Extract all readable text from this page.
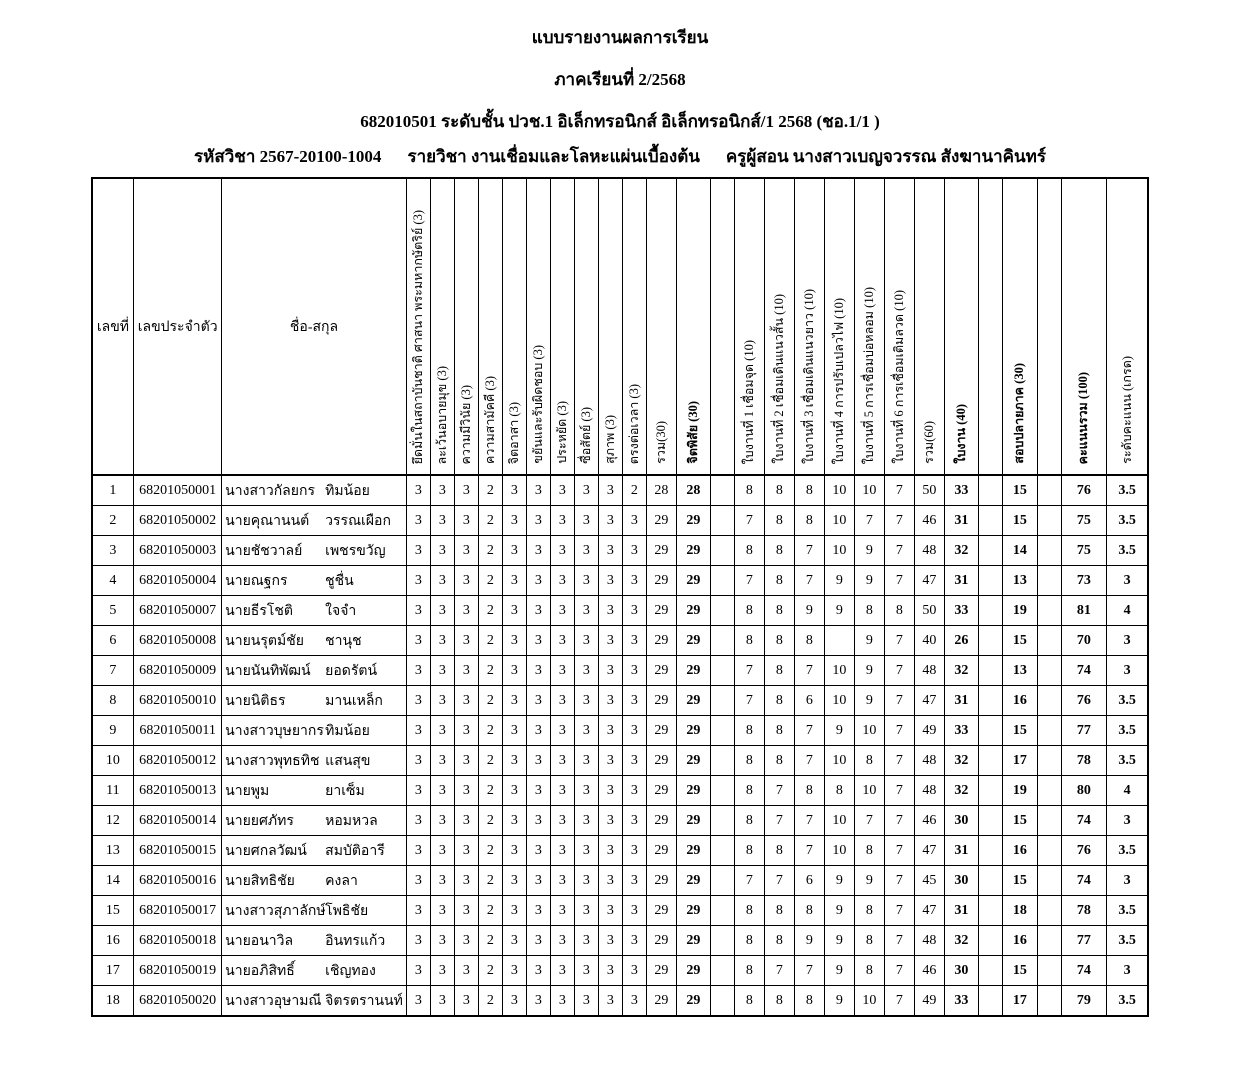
แบบรายงานผลการเรียน
ภาคเรียนที่ 2/2568
682010501 ระดับชั้น ปวช.1 อิเล็กทรอนิกส์ อิเล็กทรอนิกส์/1 2568 (ชอ.1/1 )
รหัสวิชา 2567-20100-1004 รายวิชา งานเชื่อมและโลหะแผ่นเบื้องต้น ครูผู้สอน นางสาวเบญจวรรณ สังฆานาคินทร์
เลขที่	เลขประจำตัว	ชื่อ-สกุล	ยึดมั่นในสถาบันชาติ ศาสนา พระมหากษัตริย์ (3)	ละเว้นอบายมุข (3)	ความมีวินัย (3)	ความสามัคคี (3)	จิตอาสา (3)	ขยันและรับผิดชอบ (3)	ประหยัด (3)	ซื่อสัตย์ (3)	สุภาพ (3)	ตรงต่อเวลา (3)	รวม(30)	จิตพิสัย (30)		ใบงานที่ 1 เชื่อมจุด (10)	ใบงานที่ 2 เชื่อมเดินแนวสั้น (10)	ใบงานที่ 3 เชื่อมเดินแนวยาว (10)	ใบงานที่ 4 การปรับเปลวไฟ (10)	ใบงานที่ 5 การเชื่อมบ่อหลอม (10)	ใบงานที่ 6 การเชื่อมเติมลวด (10)	รวม(60)	ใบงาน (40)		สอบปลายภาค (30)		คะแนนรวม (100)	ระดับคะแนน (เกรด)
1	68201050001	นางสาวกัลยกร ทิมน้อย	3	3	3	2	3	3	3	3	3	2	28	28		8	8	8	10	10	7	50	33		15		76	3.5
2	68201050002	นายคุณานนต์ วรรณเผือก	3	3	3	2	3	3	3	3	3	3	29	29		7	8	8	10	7	7	46	31		15		75	3.5
3	68201050003	นายชัชวาลย์ เพชรขวัญ	3	3	3	2	3	3	3	3	3	3	29	29		8	8	7	10	9	7	48	32		14		75	3.5
4	68201050004	นายณฐกร ชูชื่น	3	3	3	2	3	3	3	3	3	3	29	29		7	8	7	9	9	7	47	31		13		73	3
5	68201050007	นายธีรโชติ ใจจำ	3	3	3	2	3	3	3	3	3	3	29	29		8	8	9	9	8	8	50	33		19		81	4
6	68201050008	นายนรุตม์ชัย ชานุช	3	3	3	2	3	3	3	3	3	3	29	29		8	8	8		9	7	40	26		15		70	3
7	68201050009	นายนันทิพัฒน์ ยอดรัตน์	3	3	3	2	3	3	3	3	3	3	29	29		7	8	7	10	9	7	48	32		13		74	3
8	68201050010	นายนิติธร มานเหล็ก	3	3	3	2	3	3	3	3	3	3	29	29		7	8	6	10	9	7	47	31		16		76	3.5
9	68201050011	นางสาวบุษยากร ทิมน้อย	3	3	3	2	3	3	3	3	3	3	29	29		8	8	7	9	10	7	49	33		15		77	3.5
10	68201050012	นางสาวพุทธทิช แสนสุข	3	3	3	2	3	3	3	3	3	3	29	29		8	8	7	10	8	7	48	32		17		78	3.5
11	68201050013	นายพูม ยาเซ็ม	3	3	3	2	3	3	3	3	3	3	29	29		8	7	8	8	10	7	48	32		19		80	4
12	68201050014	นายยศภัทร หอมหวล	3	3	3	2	3	3	3	3	3	3	29	29		8	7	7	10	7	7	46	30		15		74	3
13	68201050015	นายศกลวัฒน์ สมบัติอารี	3	3	3	2	3	3	3	3	3	3	29	29		8	8	7	10	8	7	47	31		16		76	3.5
14	68201050016	นายสิทธิชัย คงลา	3	3	3	2	3	3	3	3	3	3	29	29		7	7	6	9	9	7	45	30		15		74	3
15	68201050017	นางสาวสุภาลักษ์ โพธิชัย	3	3	3	2	3	3	3	3	3	3	29	29		8	8	8	9	8	7	47	31		18		78	3.5
16	68201050018	นายอนาวิล อินทรแก้ว	3	3	3	2	3	3	3	3	3	3	29	29		8	8	9	9	8	7	48	32		16		77	3.5
17	68201050019	นายอภิสิทธิ์ เชิญทอง	3	3	3	2	3	3	3	3	3	3	29	29		8	7	7	9	8	7	46	30		15		74	3
18	68201050020	นางสาวอุษามณี จิตรตรานนท์	3	3	3	2	3	3	3	3	3	3	29	29		8	8	8	9	10	7	49	33		17		79	3.5
